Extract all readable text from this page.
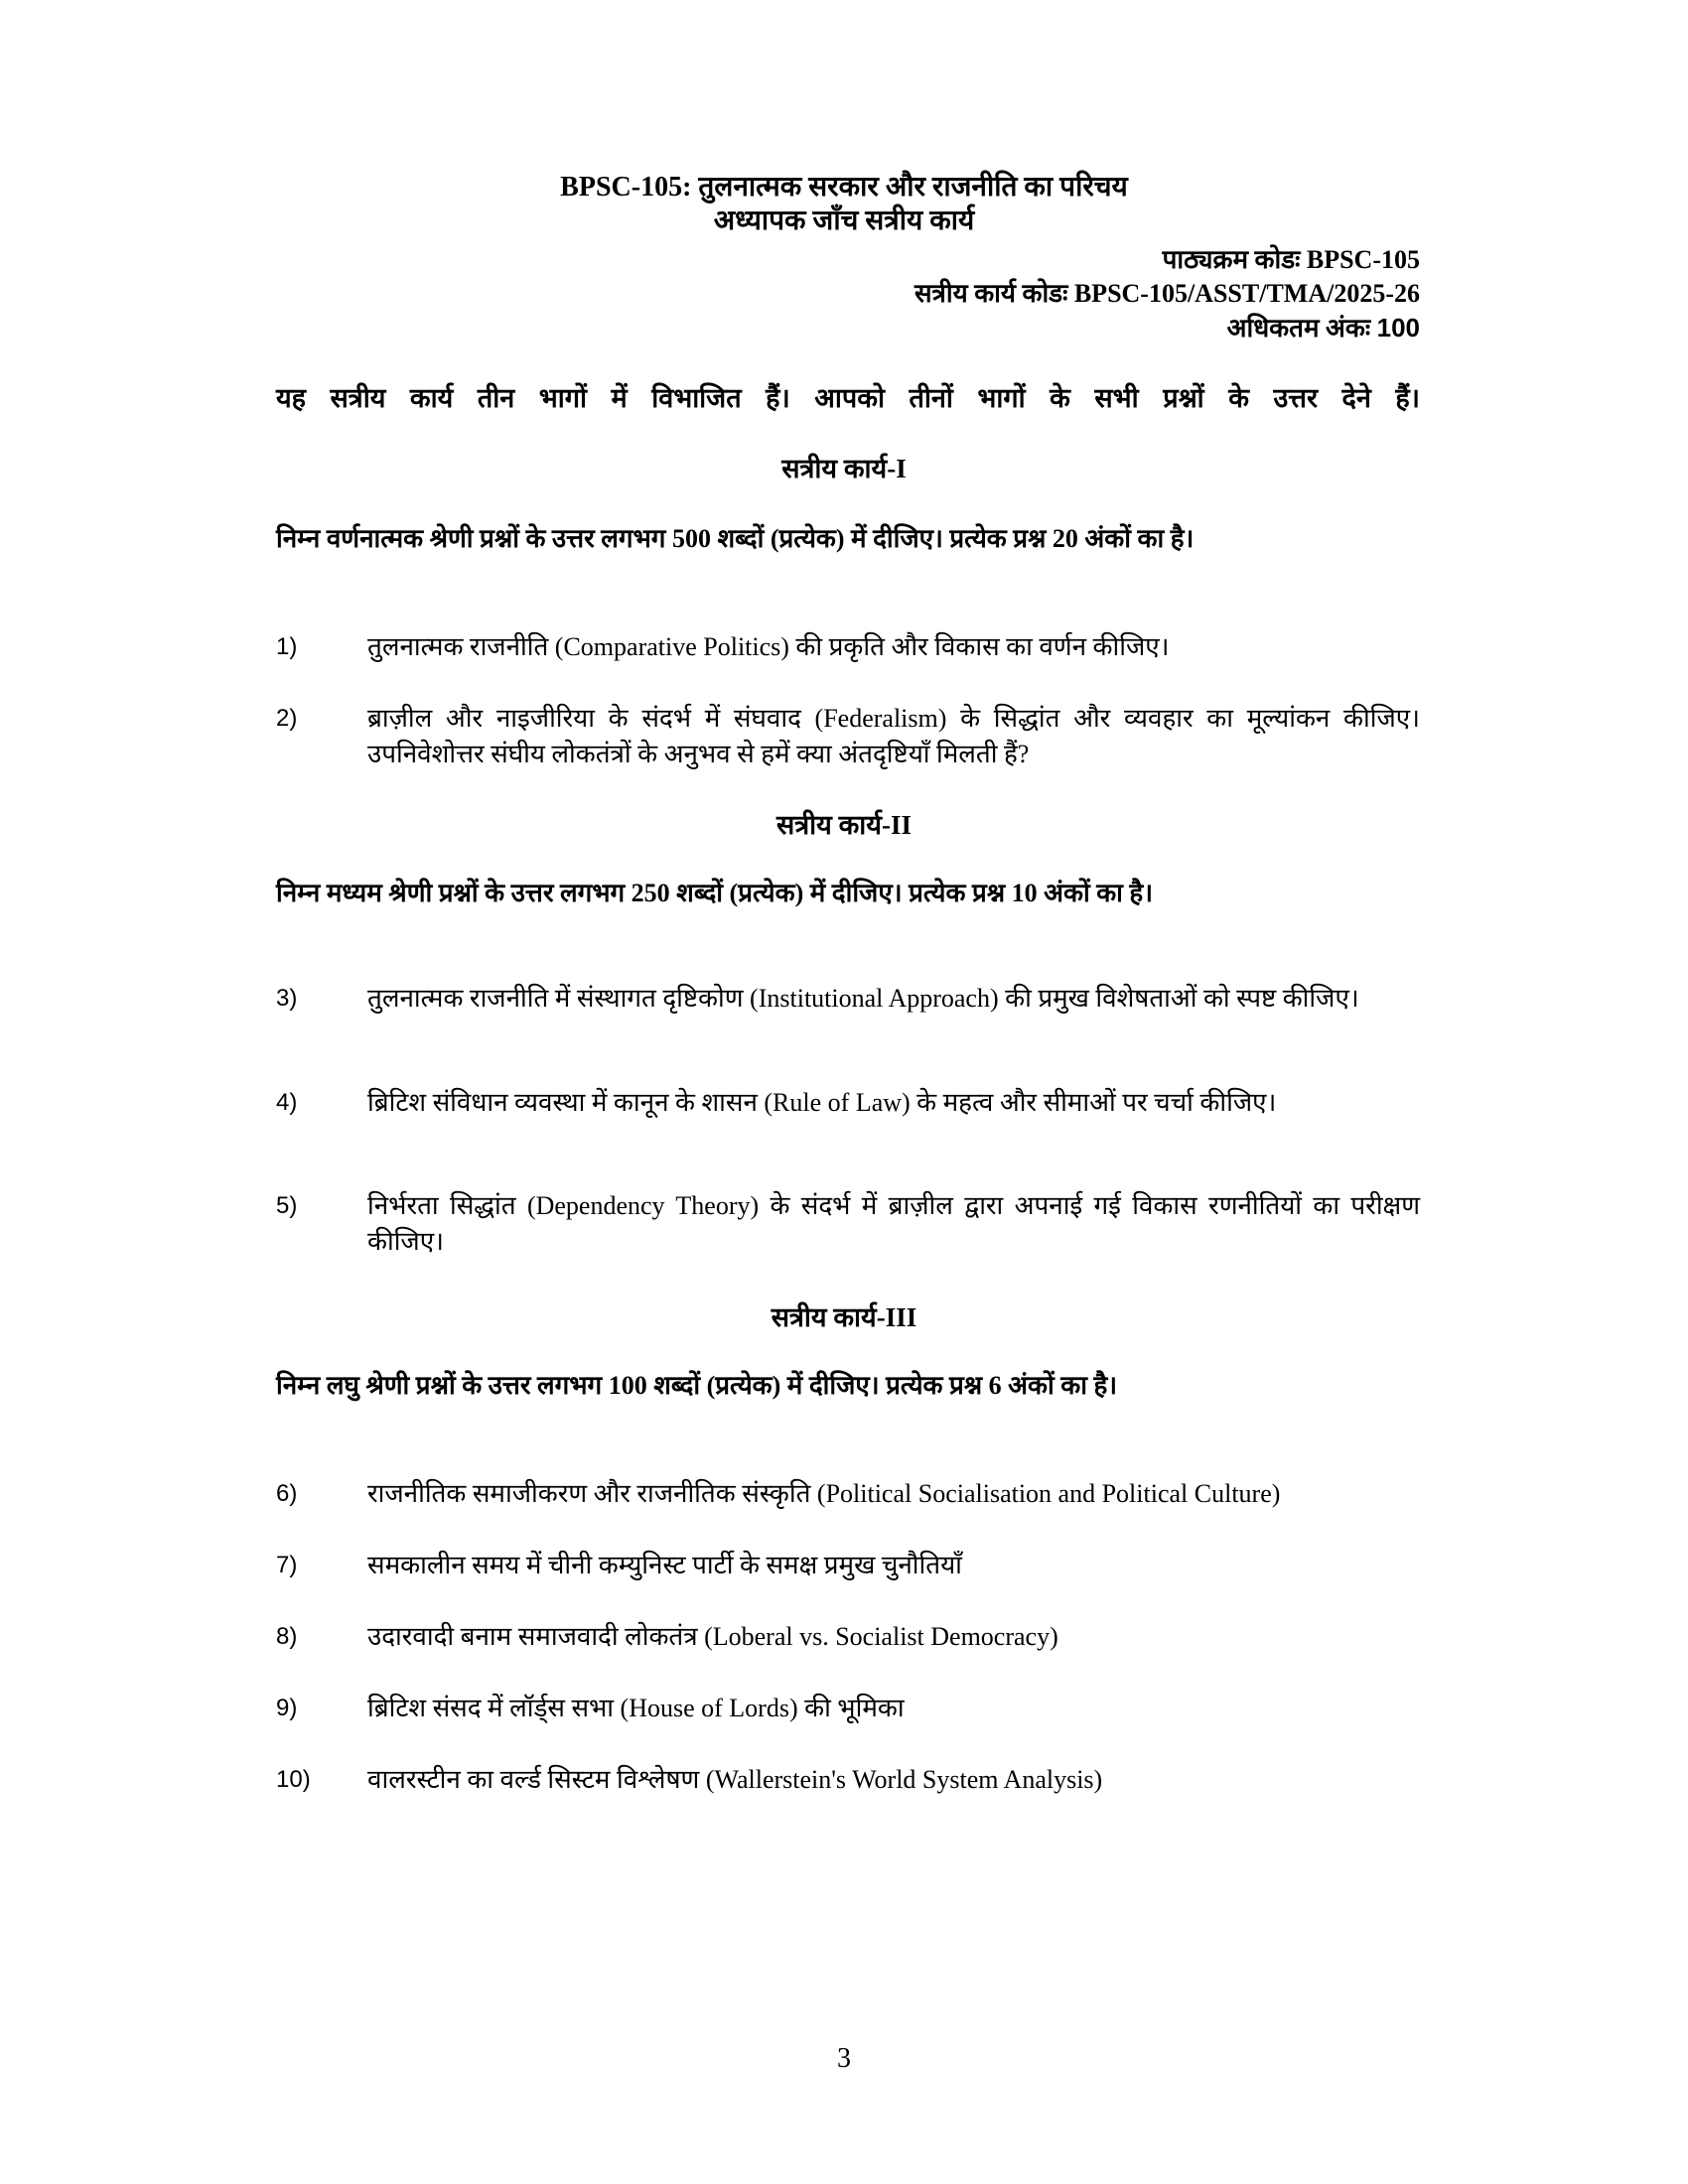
BPSC-105: तुलनात्मक सरकार और राजनीति का परिचय
अध्यापक जाँच सत्रीय कार्य
पाठ्यक्रम कोडः BPSC-105
सत्रीय कार्य कोडः BPSC-105/ASST/TMA/2025-26
अधिकतम अंकः 100
यह सत्रीय कार्य तीन भागों में विभाजित हैं। आपको तीनों भागों के सभी प्रश्नों के उत्तर देने हैं।
सत्रीय कार्य-I
निम्न वर्णनात्मक श्रेणी प्रश्नों के उत्तर लगभग 500 शब्दों (प्रत्येक) में दीजिए। प्रत्येक प्रश्न 20 अंकों का है।
1)	तुलनात्मक राजनीति (Comparative Politics) की प्रकृति और विकास का वर्णन कीजिए।
2)	ब्राज़ील और नाइजीरिया के संदर्भ में संघवाद (Federalism) के सिद्धांत और व्यवहार का मूल्यांकन कीजिए। उपनिवेशोत्तर संघीय लोकतंत्रों के अनुभव से हमें क्या अंतदृष्टियाँ मिलती हैं?
सत्रीय कार्य-II
निम्न मध्यम श्रेणी प्रश्नों के उत्तर लगभग 250 शब्दों (प्रत्येक) में दीजिए। प्रत्येक प्रश्न 10 अंकों का है।
3)	तुलनात्मक राजनीति में संस्थागत दृष्टिकोण (Institutional Approach) की प्रमुख विशेषताओं को स्पष्ट कीजिए।
4)	ब्रिटिश संविधान व्यवस्था में कानून के शासन (Rule of Law) के महत्व और सीमाओं पर चर्चा कीजिए।
5)	निर्भरता सिद्धांत (Dependency Theory) के संदर्भ में ब्राज़ील द्वारा अपनाई गई विकास रणनीतियों का परीक्षण कीजिए।
सत्रीय कार्य-III
निम्न लघु श्रेणी प्रश्नों के उत्तर लगभग 100 शब्दों (प्रत्येक) में दीजिए। प्रत्येक प्रश्न 6 अंकों का है।
6)	राजनीतिक समाजीकरण और राजनीतिक संस्कृति (Political Socialisation and Political Culture)
7)	समकालीन समय में चीनी कम्युनिस्ट पार्टी के समक्ष प्रमुख चुनौतियाँ
8)	उदारवादी बनाम समाजवादी लोकतंत्र (Loberal vs. Socialist Democracy)
9)	ब्रिटिश संसद में लॉर्ड्स सभा (House of Lords) की भूमिका
10) वालरस्टीन का वर्ल्ड सिस्टम विश्लेषण (Wallerstein's World System Analysis)
3
